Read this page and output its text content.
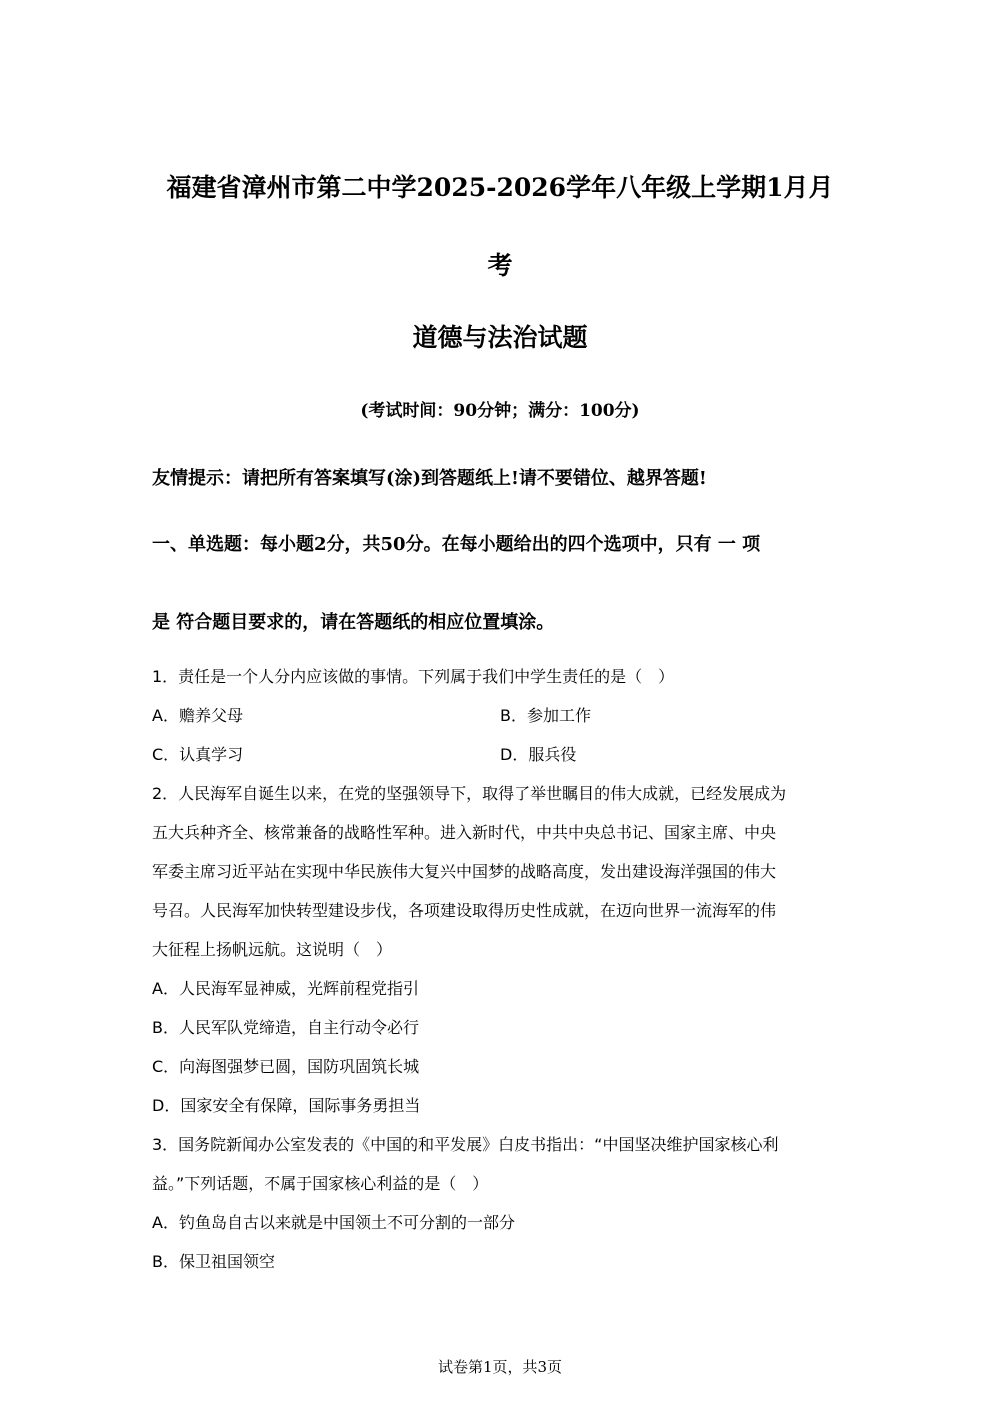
福建省漳州市第二中学2025-2026学年八年级上学期1月月
考
道德与法治试题
(考试时间：90分钟；满分：100分)
友情提示：请把所有答案填写(涂)到答题纸上!请不要错位、越界答题!
一、单选题：每小题2分，共50分。在每小题给出的四个选项中，只有 一 项
是 符合题目要求的，请在答题纸的相应位置填涂。
1．责任是一个人分内应该做的事情。下列属于我们中学生责任的是（　）
A．赡养父母	B．参加工作
C．认真学习	D．服兵役
2．人民海军自诞生以来，在党的坚强领导下，取得了举世瞩目的伟大成就，已经发展成为
五大兵种齐全、核常兼备的战略性军种。进入新时代，中共中央总书记、国家主席、中央
军委主席习近平站在实现中华民族伟大复兴中国梦的战略高度，发出建设海洋强国的伟大
号召。人民海军加快转型建设步伐，各项建设取得历史性成就，在迈向世界一流海军的伟
大征程上扬帆远航。这说明（　）
A．人民海军显神威，光辉前程党指引
B．人民军队党缔造，自主行动令必行
C．向海图强梦已圆，国防巩固筑长城
D．国家安全有保障，国际事务勇担当
3．国务院新闻办公室发表的《中国的和平发展》白皮书指出：“中国坚决维护国家核心利
益。”下列话题，不属于国家核心利益的是（　）
A．钓鱼岛自古以来就是中国领土不可分割的一部分
B．保卫祖国领空
试卷第1页，共3页
